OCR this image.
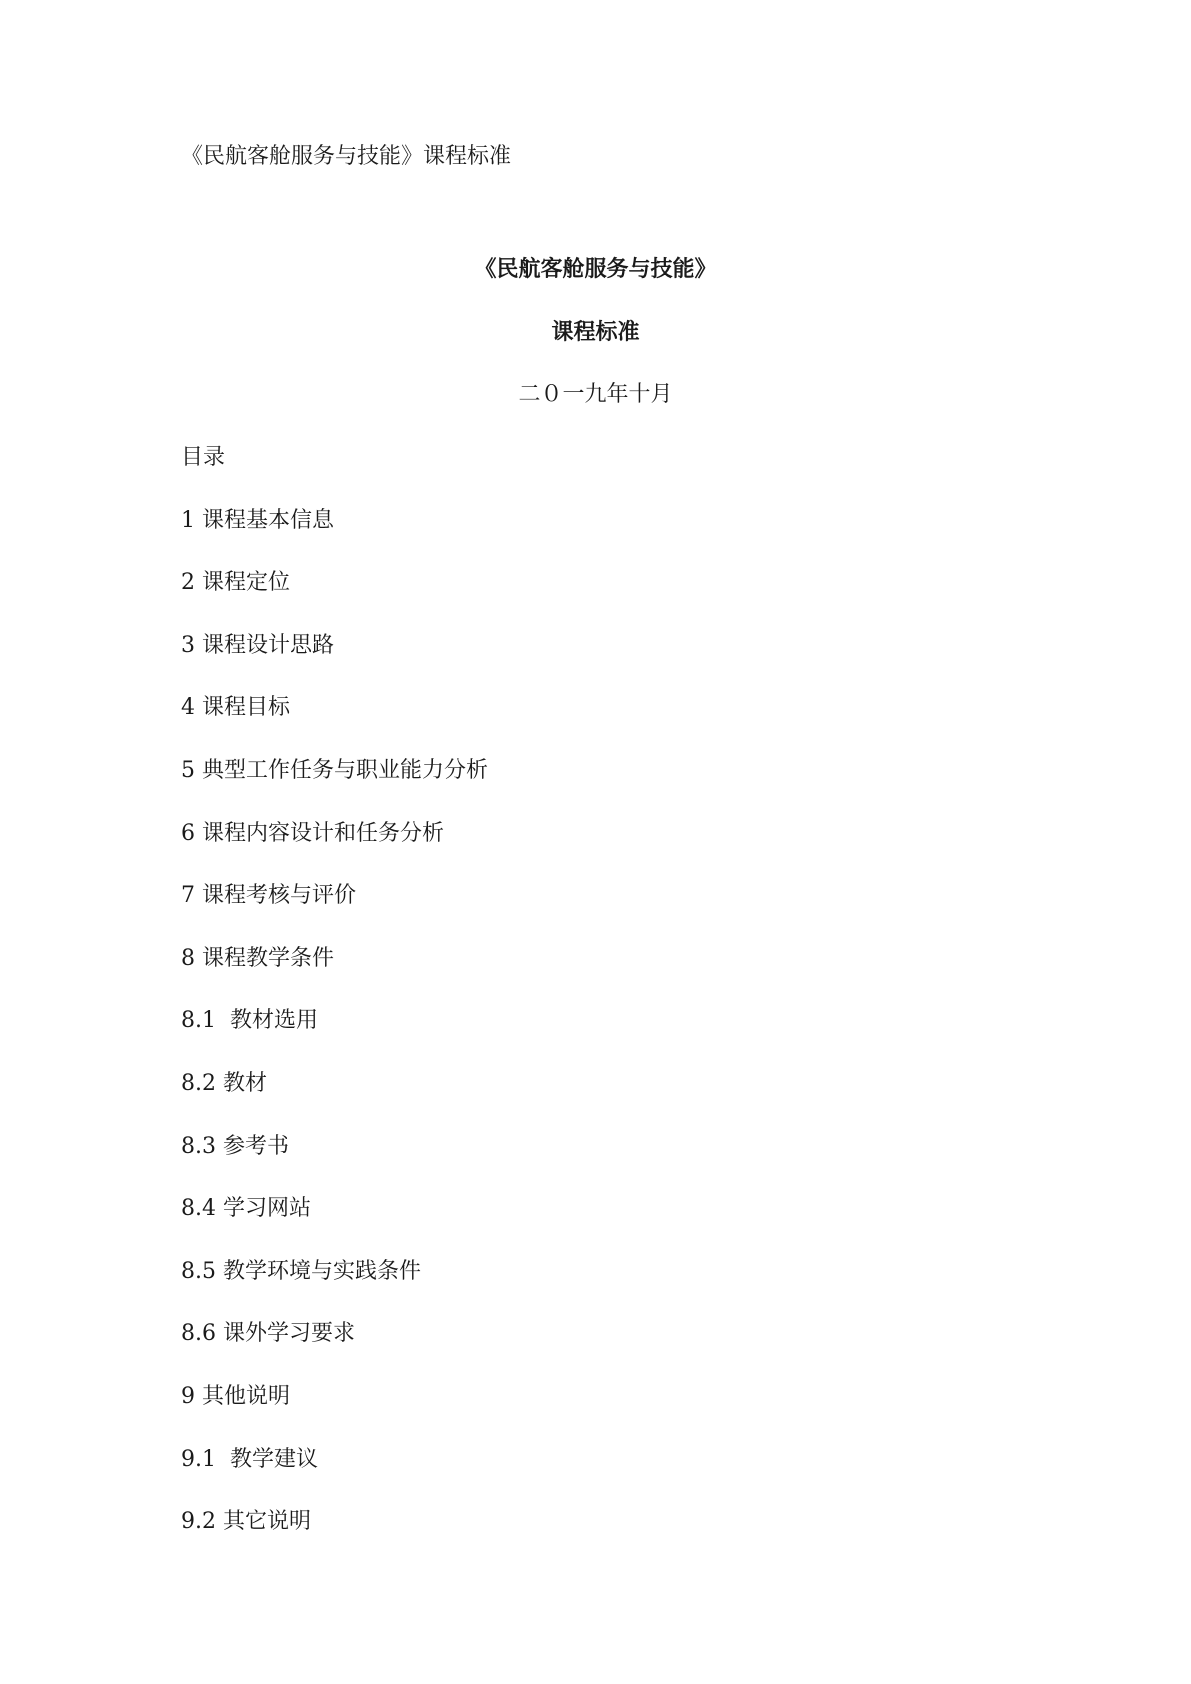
《民航客舱服务与技能》课程标准
《民航客舱服务与技能》
课程标准
二０一九年十月
目录
1 课程基本信息
2 课程定位
3 课程设计思路
4 课程目标
5 典型工作任务与职业能力分析
6 课程内容设计和任务分析
7 课程考核与评价
8 课程教学条件
8.1  教材选用
8.2 教材
8.3 参考书
8.4 学习网站
8.5 教学环境与实践条件
8.6 课外学习要求
9 其他说明
9.1  教学建议
9.2 其它说明
